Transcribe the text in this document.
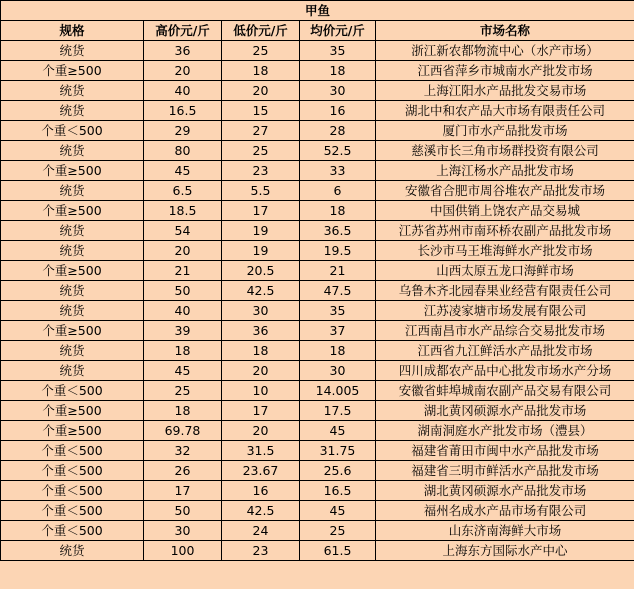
甲鱼				
规格	高价元/斤	低价元/斤	均价元/斤	市场名称
统货	36	25	35	浙江新农都物流中心（水产市场）
个重≥500	20	18	18	江西省萍乡市城南水产批发市场
统货	40	20	30	上海江阳水产品批发交易市场
统货	16.5	15	16	湖北中和农产品大市场有限责任公司
个重＜500	29	27	28	厦门市水产品批发市场
统货	80	25	52.5	慈溪市长三角市场群投资有限公司
个重≥500	45	23	33	上海江杨水产品批发市场
统货	6.5	5.5	6	安徽省合肥市周谷堆农产品批发市场
个重≥500	18.5	17	18	中国供销上饶农产品交易城
统货	54	19	36.5	江苏省苏州市南环桥农副产品批发市场
统货	20	19	19.5	长沙市马王堆海鲜水产批发市场
个重≥500	21	20.5	21	山西太原五龙口海鲜市场
统货	50	42.5	47.5	乌鲁木齐北园春果业经营有限责任公司
统货	40	30	35	江苏凌家塘市场发展有限公司
个重≥500	39	36	37	江西南昌市水产品综合交易批发市场
统货	18	18	18	江西省九江鲜活水产品批发市场
统货	45	20	30	四川成都农产品中心批发市场水产分场
个重＜500	25	10	14.005	安徽省蚌埠城南农副产品交易有限公司
个重≥500	18	17	17.5	湖北黄冈硕源水产品批发市场
个重≥500	69.78	20	45	湖南洞庭水产批发市场（澧县）
个重＜500	32	31.5	31.75	福建省莆田市闽中水产品批发市场
个重＜500	26	23.67	25.6	福建省三明市鲜活水产品批发市场
个重＜500	17	16	16.5	湖北黄冈硕源水产品批发市场
个重＜500	50	42.5	45	福州名成水产品市场有限公司
个重＜500	30	24	25	山东济南海鲜大市场
统货	100	23	61.5	上海东方国际水产中心
